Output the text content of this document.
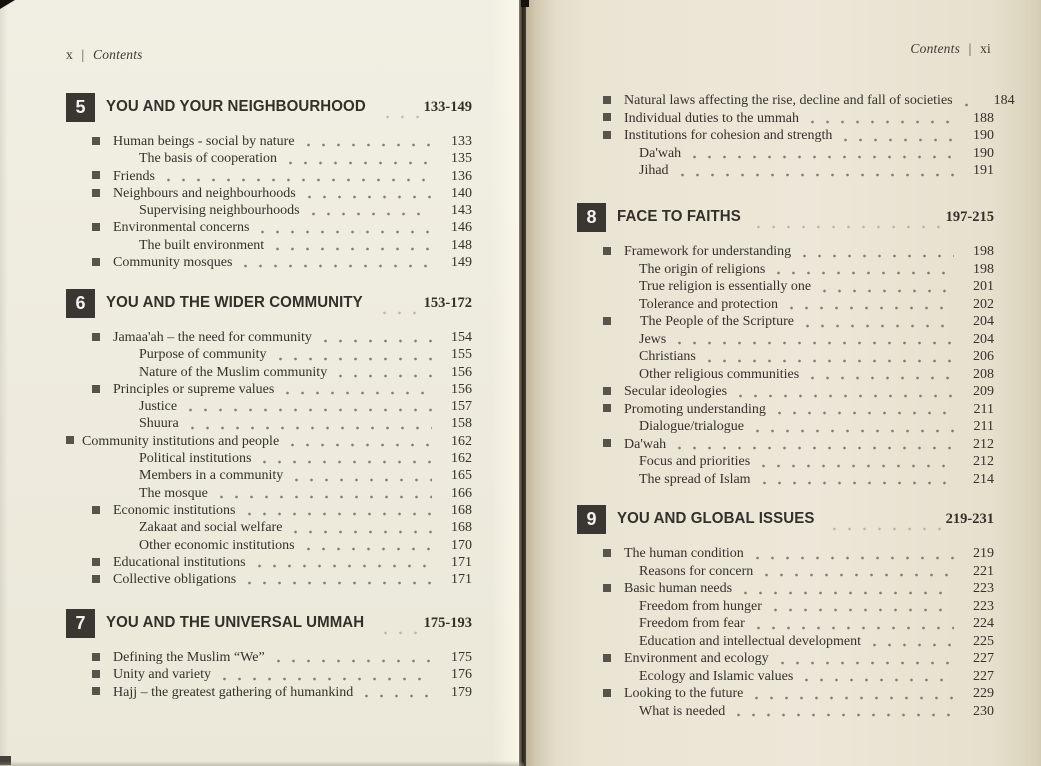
x | Contents
5	YOU AND YOUR NEIGHBOURHOOD	133-149
Human beings - social by nature	133
The basis of cooperation	135
Friends	136
Neighbours and neighbourhoods	140
Supervising neighbourhoods	143
Environmental concerns	146
The built environment	148
Community mosques	149
6	YOU AND THE WIDER COMMUNITY	153-172
Jamaa'ah – the need for community	154
Purpose of community	155
Nature of the Muslim community	156
Principles or supreme values	156
Justice	157
Shuura	158
Community institutions and people	162
Political institutions	162
Members in a community	165
The mosque	166
Economic institutions	168
Zakaat and social welfare	168
Other economic institutions	170
Educational institutions	171
Collective obligations	171
7	YOU AND THE UNIVERSAL UMMAH	175-193
Defining the Muslim “We”	175
Unity and variety	176
Hajj – the greatest gathering of humankind	179
Contents | xi
Natural laws affecting the rise, decline and fall of societies	184
Individual duties to the ummah	188
Institutions for cohesion and strength	190
Da'wah	190
Jihad	191
8	FACE TO FAITHS	197-215
Framework for understanding	198
The origin of religions	198
True religion is essentially one	201
Tolerance and protection	202
The People of the Scripture	204
Jews	204
Christians	206
Other religious communities	208
Secular ideologies	209
Promoting understanding	211
Dialogue/trialogue	211
Da'wah	212
Focus and priorities	212
The spread of Islam	214
9	YOU AND GLOBAL ISSUES	219-231
The human condition	219
Reasons for concern	221
Basic human needs	223
Freedom from hunger	223
Freedom from fear	224
Education and intellectual development	225
Environment and ecology	227
Ecology and Islamic values	227
Looking to the future	229
What is needed	230
